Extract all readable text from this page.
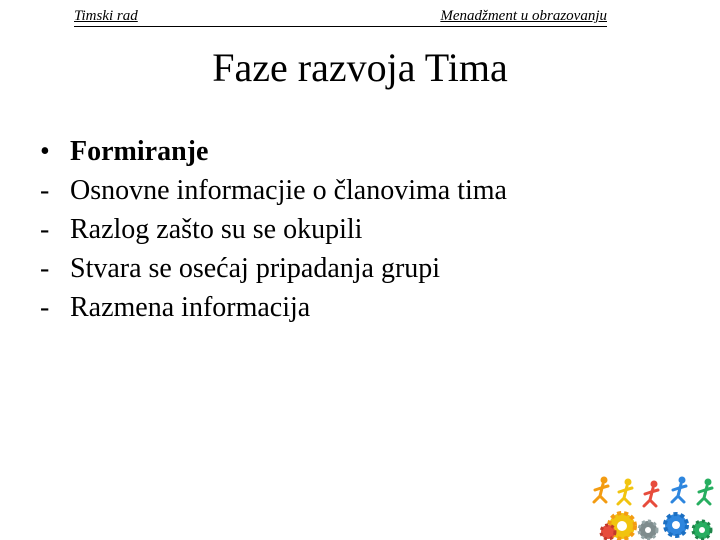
Timski rad	Menadžment u obrazovanju
Faze razvoja Tima
• Formiranje
- Osnovne informacjie o članovima tima
- Razlog zašto su se okupili
- Stvara se osećaj pripadanja grupi
- Razmena informacija
